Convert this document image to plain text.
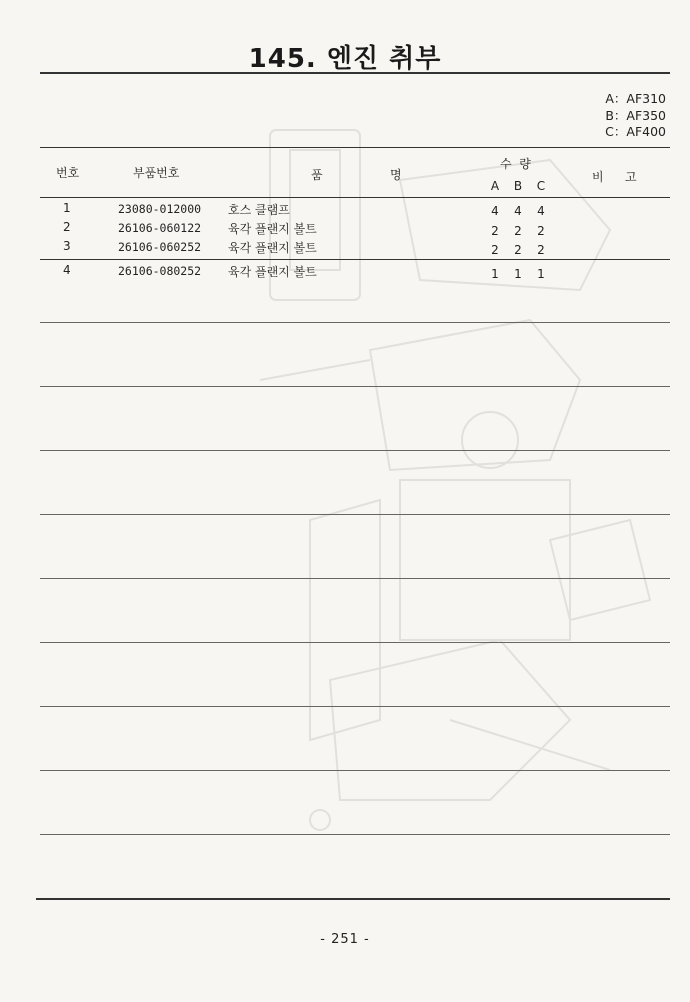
145. 엔진 취부
A：AF310
B：AF350
C：AF400
번호	부품번호	품	명
수  량
A	B	C
비 고
1	23080-012000 호스 클램프	4	4	4
2	26106-060122 육각 플랜지 볼트	2	2	2
3	26106-060252 육각 플랜지 볼트	2	2	2
4	26106-080252 육각 플랜지 볼트	1	1	1
- 251 -
